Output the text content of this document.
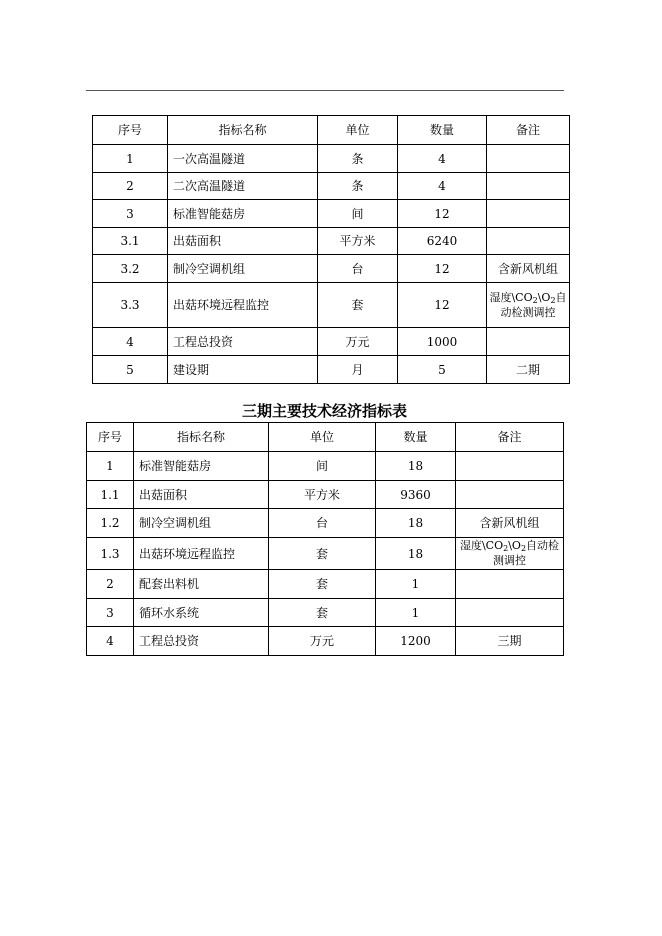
序号	指标名称	单位	数量	备注
1	一次高温隧道	条	4	
2	二次高温隧道	条	4	
3	标准智能菇房	间	12	
3.1	出菇面积	平方米	6240	
3.2	制冷空调机组	台	12	含新风机组
3.3	出菇环境远程监控	套	12	湿度$\backslash CO_2\backslash O_2$自动检测调控
4	工程总投资	万元	1000	
5	建设期	月	5	二期
三期主要技术经济指标表
序号	指标名称	单位	数量	备注
1	标准智能菇房	间	18	
1.1	出菇面积	平方米	9360	
1.2	制冷空调机组	台	18	含新风机组
1.3	出菇环境远程监控	套	18	湿度$\backslash CO_2\backslash O_2$自动检测调控
2	配套出料机	套	1	
3	循环水系统	套	1	
4	工程总投资	万元	1200	三期
